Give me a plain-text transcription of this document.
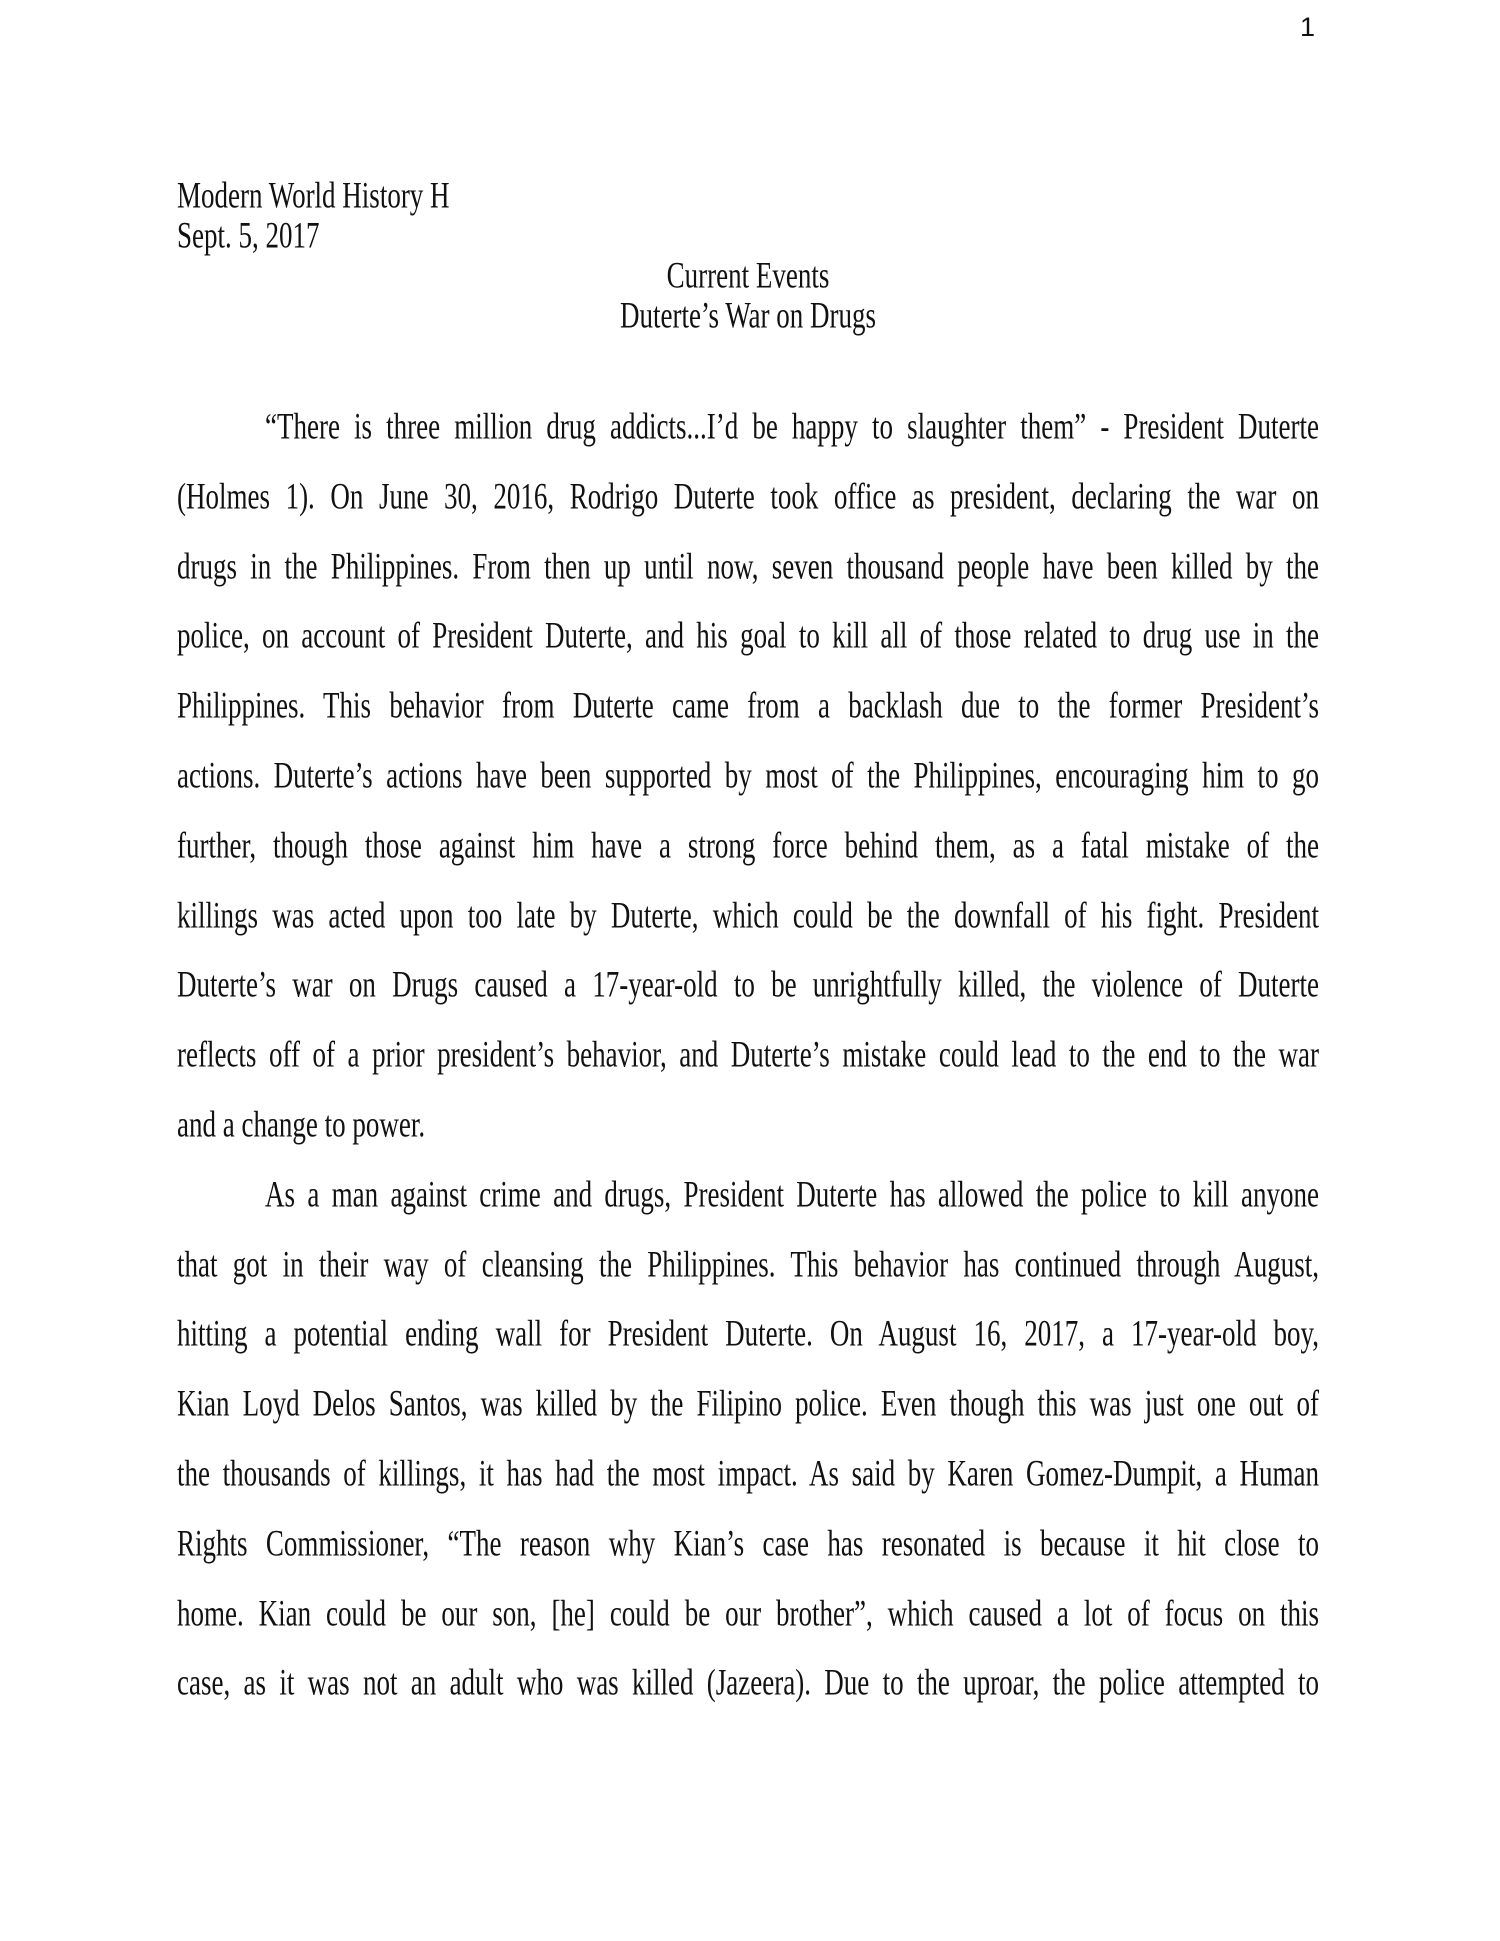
1
Modern World History H
Sept. 5, 2017
Current Events
Duterte’s War on Drugs
“There is three million drug addicts...I’d be happy to slaughter them” - President Duterte
(Holmes 1). On June 30, 2016, Rodrigo Duterte took office as president, declaring the war on
drugs in the Philippines. From then up until now, seven thousand people have been killed by the
police, on account of President Duterte, and his goal to kill all of those related to drug use in the
Philippines. This behavior from Duterte came from a backlash due to the former President’s
actions. Duterte’s actions have been supported by most of the Philippines, encouraging him to go
further, though those against him have a strong force behind them, as a fatal mistake of the
killings was acted upon too late by Duterte, which could be the downfall of his fight. President
Duterte’s war on Drugs caused a 17-year-old to be unrightfully killed, the violence of Duterte
reflects off of a prior president’s behavior, and Duterte’s mistake could lead to the end to the war
and a change to power.
As a man against crime and drugs, President Duterte has allowed the police to kill anyone
that got in their way of cleansing the Philippines. This behavior has continued through August,
hitting a potential ending wall for President Duterte. On August 16, 2017, a 17-year-old boy,
Kian Loyd Delos Santos, was killed by the Filipino police. Even though this was just one out of
the thousands of killings, it has had the most impact. As said by Karen Gomez-Dumpit, a Human
Rights Commissioner, “The reason why Kian’s case has resonated is because it hit close to
home. Kian could be our son, [he] could be our brother”, which caused a lot of focus on this
case, as it was not an adult who was killed (Jazeera). Due to the uproar, the police attempted to
